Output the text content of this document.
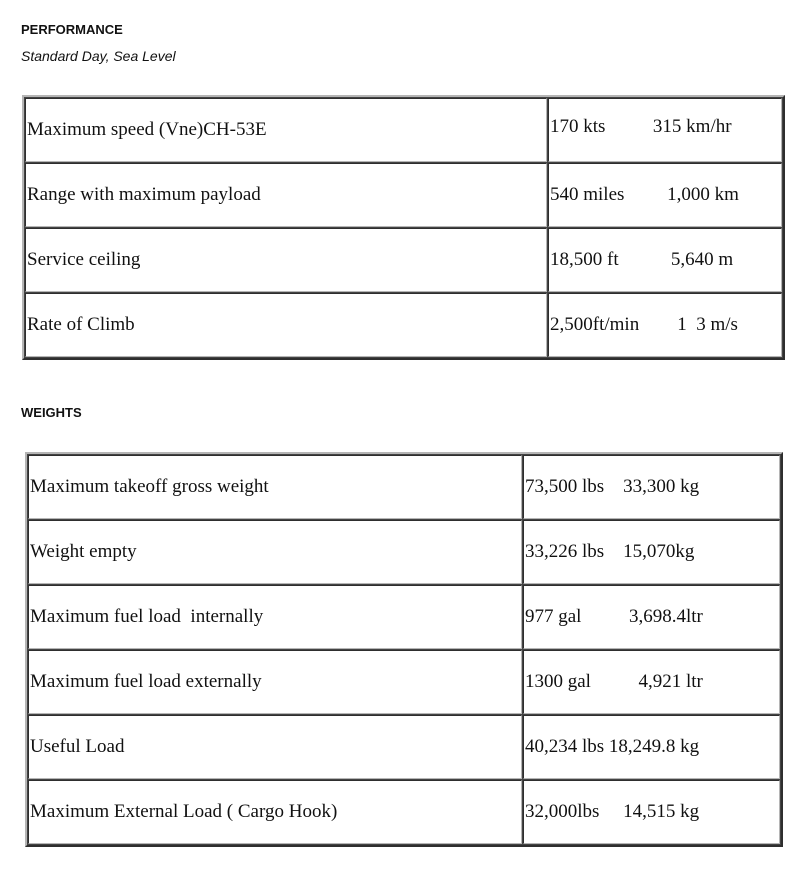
PERFORMANCE
Standard Day, Sea Level
Maximum speed (Vne)CH-53E	170 kts          315 km/hr
Range with maximum payload	540 miles         1,000 km
Service ceiling	18,500 ft           5,640 m
Rate of Climb	2,500ft/min        1  3 m/s
WEIGHTS
Maximum takeoff gross weight	73,500 lbs    33,300 kg
Weight empty	33,226 lbs    15,070kg
Maximum fuel load  internally	977 gal          3,698.4ltr
Maximum fuel load externally	1300 gal          4,921 ltr
Useful Load	40,234 lbs 18,249.8 kg
Maximum External Load ( Cargo Hook)	32,000lbs     14,515 kg
